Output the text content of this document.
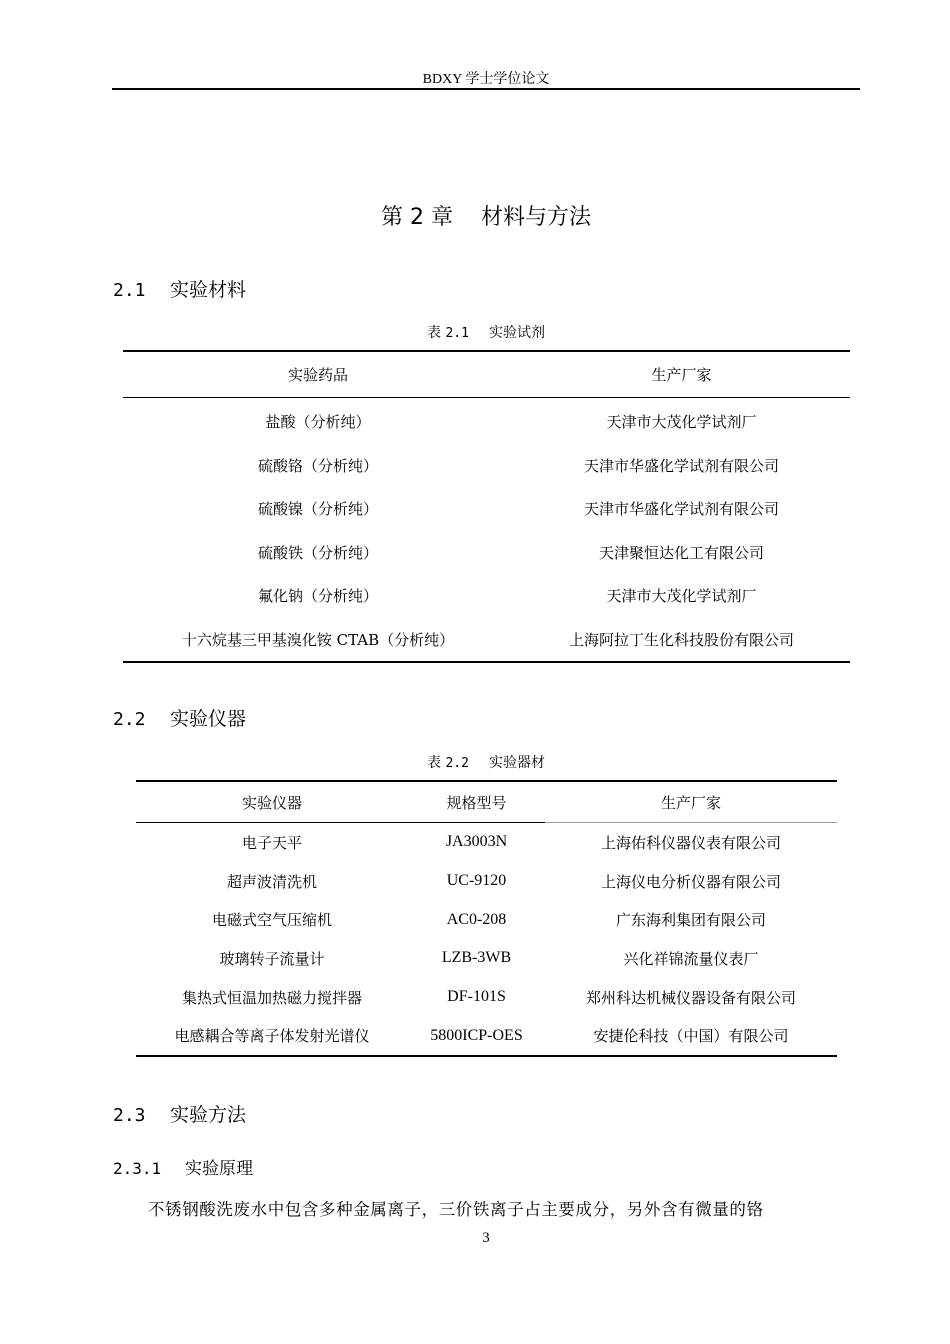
BDXY 学士学位论文
第 2 章 材料与方法
2.1 实验材料
表 2.1 实验试剂
实验药品	生产厂家
盐酸（分析纯）	天津市大茂化学试剂厂
硫酸铬（分析纯）	天津市华盛化学试剂有限公司
硫酸镍（分析纯）	天津市华盛化学试剂有限公司
硫酸铁（分析纯）	天津聚恒达化工有限公司
氟化钠（分析纯）	天津市大茂化学试剂厂
十六烷基三甲基溴化铵 CTAB（分析纯）	上海阿拉丁生化科技股份有限公司
2.2 实验仪器
表 2.2 实验器材
实验仪器	规格型号	生产厂家
电子天平	JA3003N	上海佑科仪器仪表有限公司
超声波清洗机	UC-9120	上海仪电分析仪器有限公司
电磁式空气压缩机	AC0-208	广东海利集团有限公司
玻璃转子流量计	LZB-3WB	兴化祥锦流量仪表厂
集热式恒温加热磁力搅拌器	DF-101S	郑州科达机械仪器设备有限公司
电感耦合等离子体发射光谱仪	5800ICP-OES	安捷伦科技（中国）有限公司
2.3 实验方法
2.3.1 实验原理
不锈钢酸洗废水中包含多种金属离子，三价铁离子占主要成分，另外含有微量的铬
3
